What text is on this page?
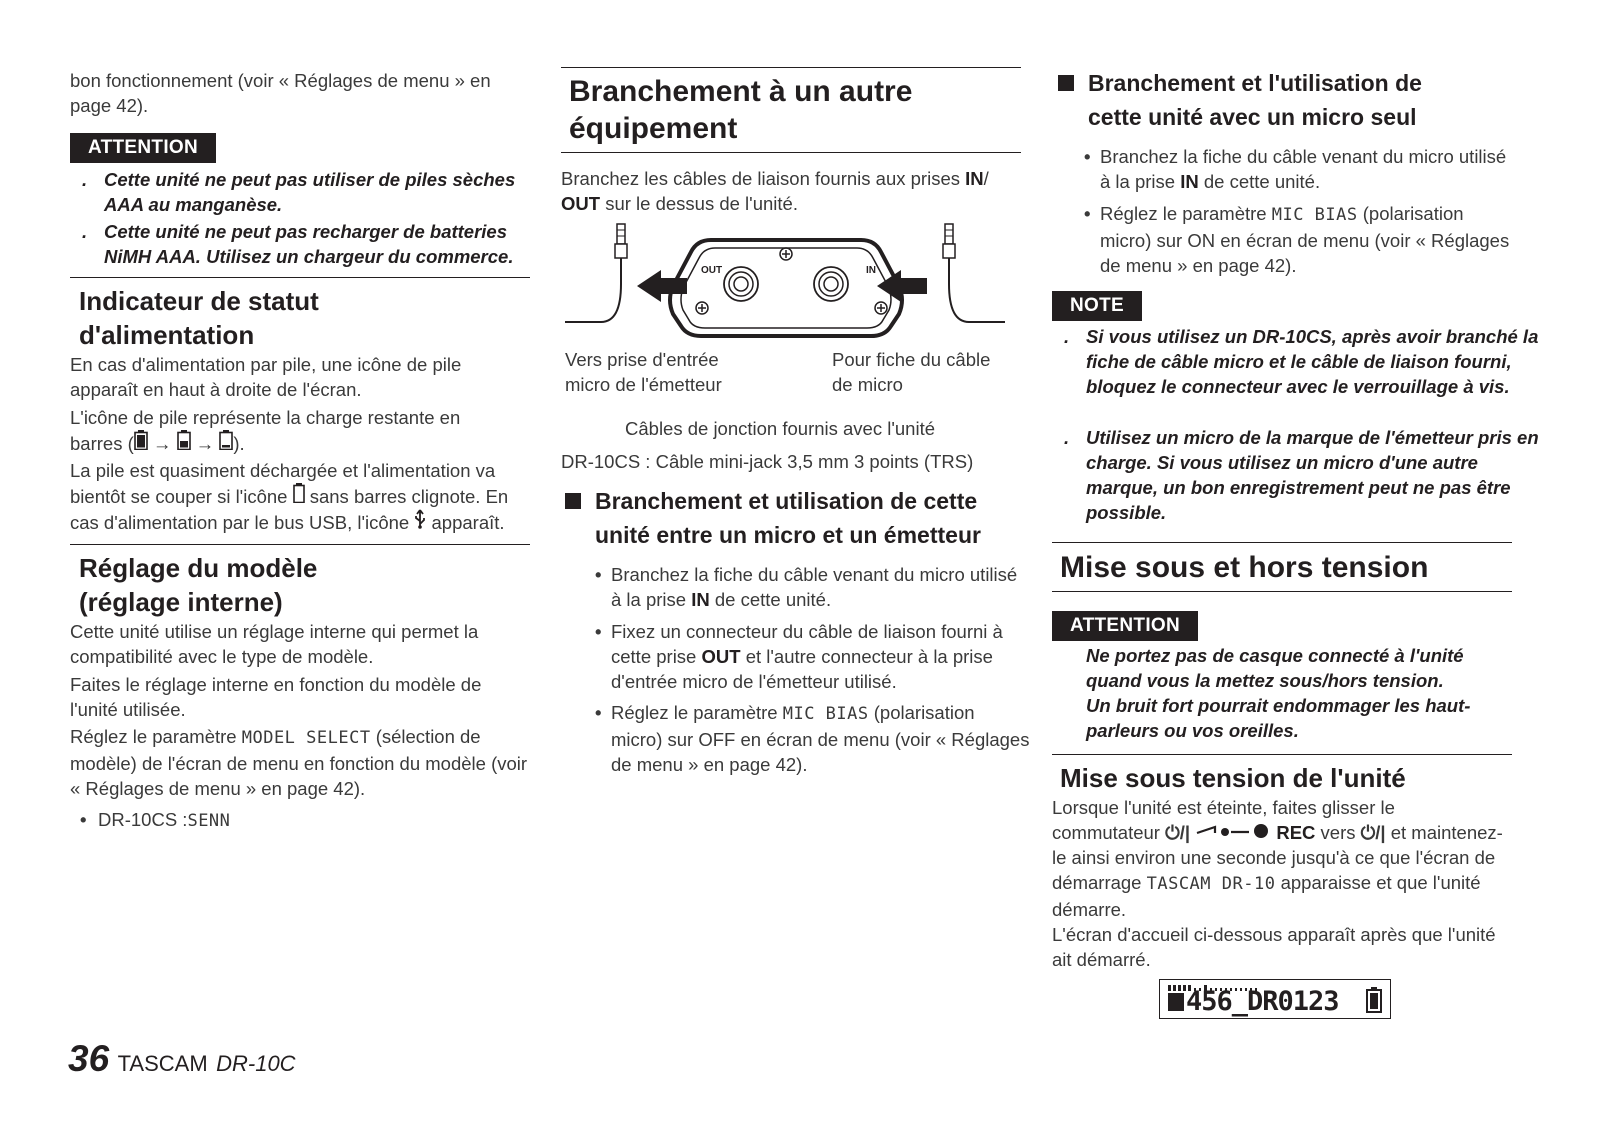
bon fonctionnement (voir « Réglages de menu » en page 42).

ATTENTION
. Cette unité ne peut pas utiliser de piles sèches AAA au manganèse.
. Cette unité ne peut pas recharger de batteries NiMH AAA. Utilisez un chargeur du commerce.
Indicateur de statut
d'alimentation

En cas d'alimentation par pile, une icône de pile apparaît en haut à droite de l'écran.

L'icône de pile représente la charge restante en
barres ( → → ).

La pile est quasiment déchargée et l'alimentation va bientôt se couper si l'icône sans barres clignote. En cas d'alimentation par le bus USB, l'icône apparaît.

Réglage du modèle
(réglage interne)

Cette unité utilise un réglage interne qui permet la compatibilité avec le type de modèle.

Faites le réglage interne en fonction du modèle de l'unité utilisée.

Réglez le paramètre MODEL SELECT (sélection de modèle) de l'écran de menu en fonction du modèle (voir « Réglages de menu » en page 42).

• DR-10CS :SENN
Branchement à un autre
équipement

Branchez les câbles de liaison fournis aux prises IN/
OUT sur le dessus de l'unité.

OUT	IN
Vers prise d'entrée
micro de l'émetteur
Pour fiche du câble
de micro

Câbles de jonction fournis avec l'unité

DR-10CS : Câble mini-jack 3,5 mm 3 points (TRS)

Branchement et utilisation de cette
unité entre un micro et un émetteur
• Branchez la fiche du câble venant du micro utilisé à la prise IN de cette unité.
• Fixez un connecteur du câble de liaison fourni à cette prise OUT et l'autre connecteur à la prise d'entrée micro de l'émetteur utilisé.
• Réglez le paramètre MIC BIAS (polarisation micro) sur OFF en écran de menu (voir « Réglages de menu » en page 42).
Branchement et l'utilisation de
cette unité avec un micro seul
• Branchez la fiche du câble venant du micro utilisé à la prise IN de cette unité.
• Réglez le paramètre MIC BIAS (polarisation micro) sur ON en écran de menu (voir « Réglages de menu » en page 42).
NOTE
. Si vous utilisez un DR-10CS, après avoir branché la fiche de câble micro et le câble de liaison fourni, bloquez le connecteur avec le verrouillage à vis.
. Utilisez un micro de la marque de l'émetteur pris en charge. Si vous utilisez un micro d'une autre marque, un bon enregistrement peut ne pas être possible.
Mise sous et hors tension
ATTENTION
Ne portez pas de casque connecté à l'unité quand vous la mettez sous/hors tension.
Un bruit fort pourrait endommager les haut-parleurs ou vos oreilles.
Mise sous tension de l'unité

Lorsque l'unité est éteinte, faites glisser le commutateur ⏻/|	REC vers ⏻/| et maintenez-le ainsi environ une seconde jusqu'à ce que l'écran de démarrage TASCAM DR-10 apparaisse et que l'unité démarre.

L'écran d'accueil ci-dessous apparaît après que l'unité ait démarré.

456_DR0123
36 TASCAM DR-10C
